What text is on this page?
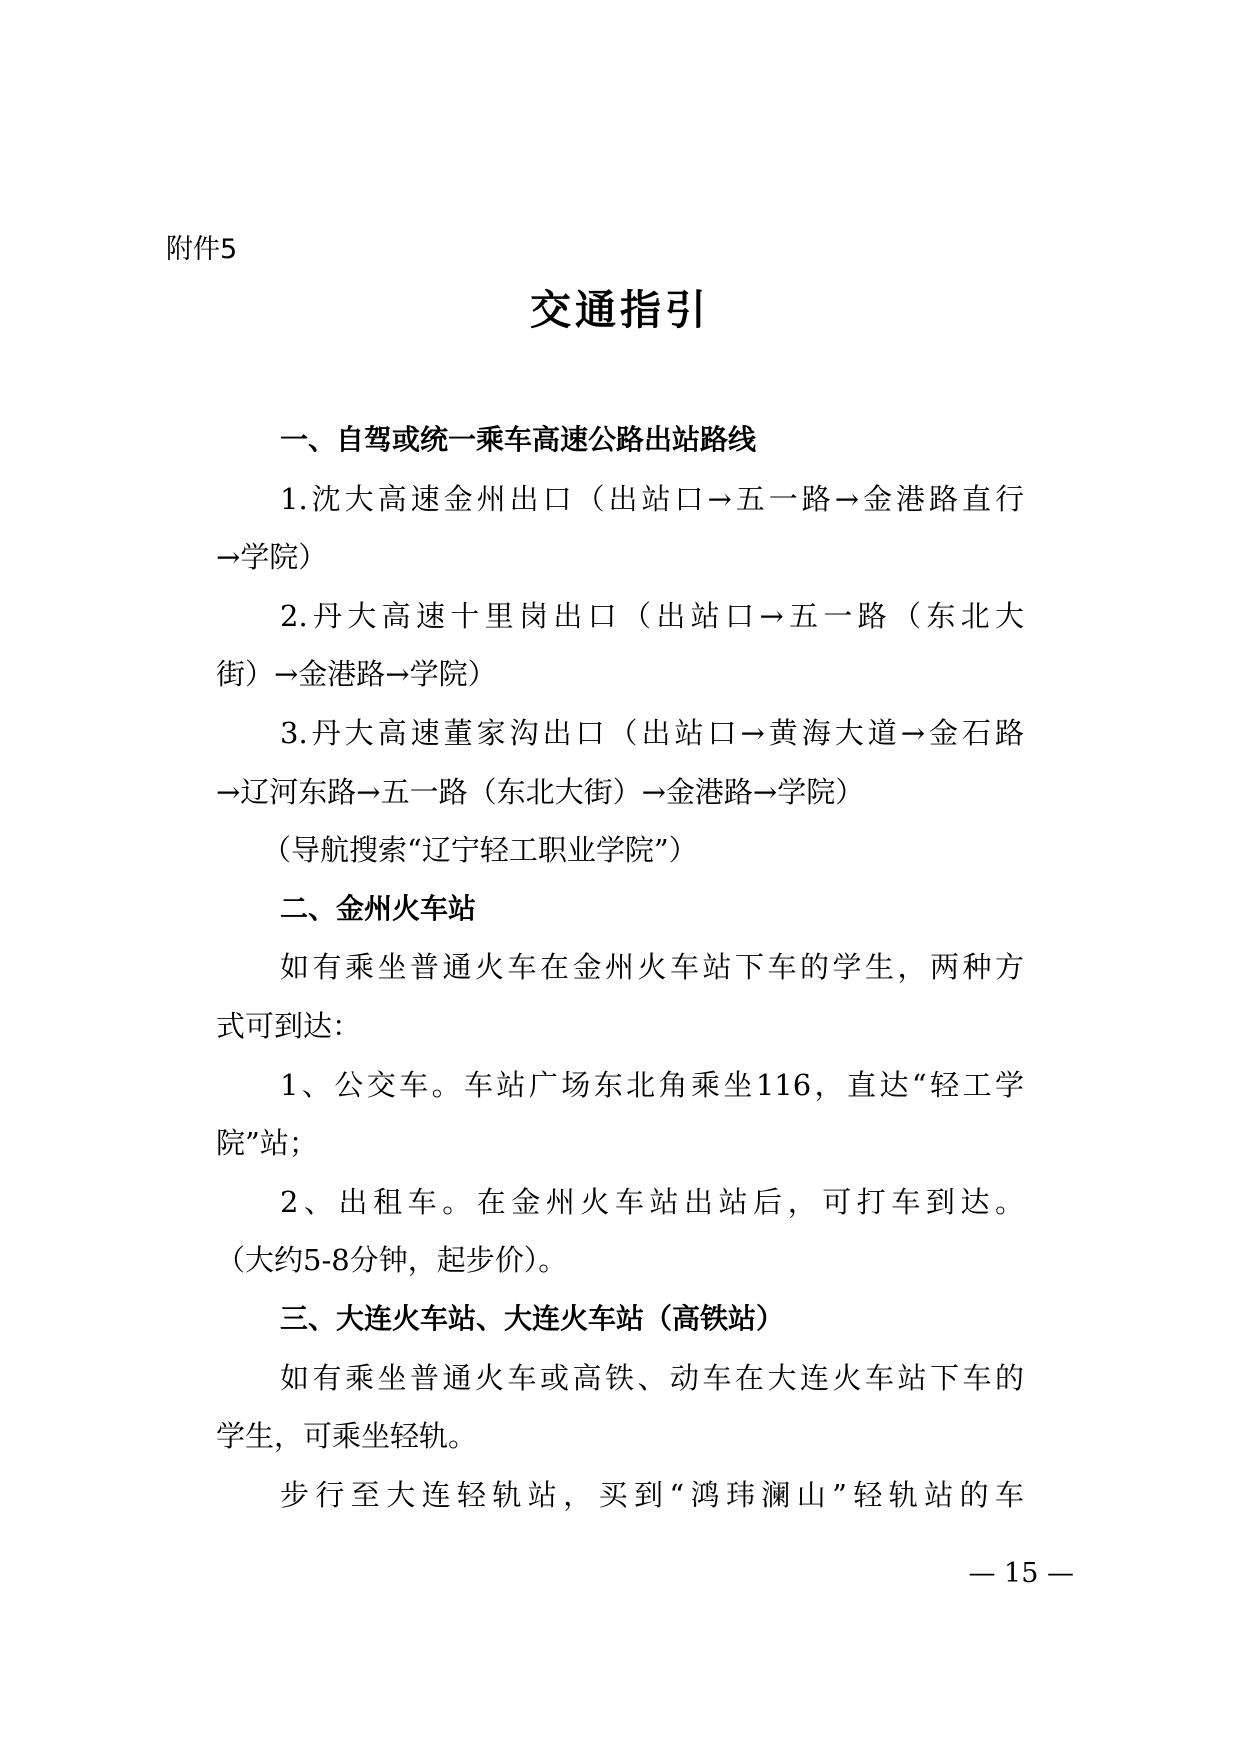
附件5
交通指引
一、自驾或统一乘车高速公路出站路线
1.沈大高速金州出口（出站口→五一路→金港路直行
→学院）
2.丹大高速十里岗出口（出站口→五一路（东北大
街）→金港路→学院）
3.丹大高速董家沟出口（出站口→黄海大道→金石路
→辽河东路→五一路（东北大街）→金港路→学院）
（导航搜索“辽宁轻工职业学院”）
二、金州火车站
如有乘坐普通火车在金州火车站下车的学生，两种方
式可到达：
1、公交车。车站广场东北角乘坐116，直达“轻工学
院”站；
2、出租车。在金州火车站出站后，可打车到达。
（大约5-8分钟，起步价）。
三、大连火车站、大连火车站（高铁站）
如有乘坐普通火车或高铁、动车在大连火车站下车的
学生，可乘坐轻轨。
步行至大连轻轨站，买到“鸿玮澜山”轻轨站的车
— 15 —
